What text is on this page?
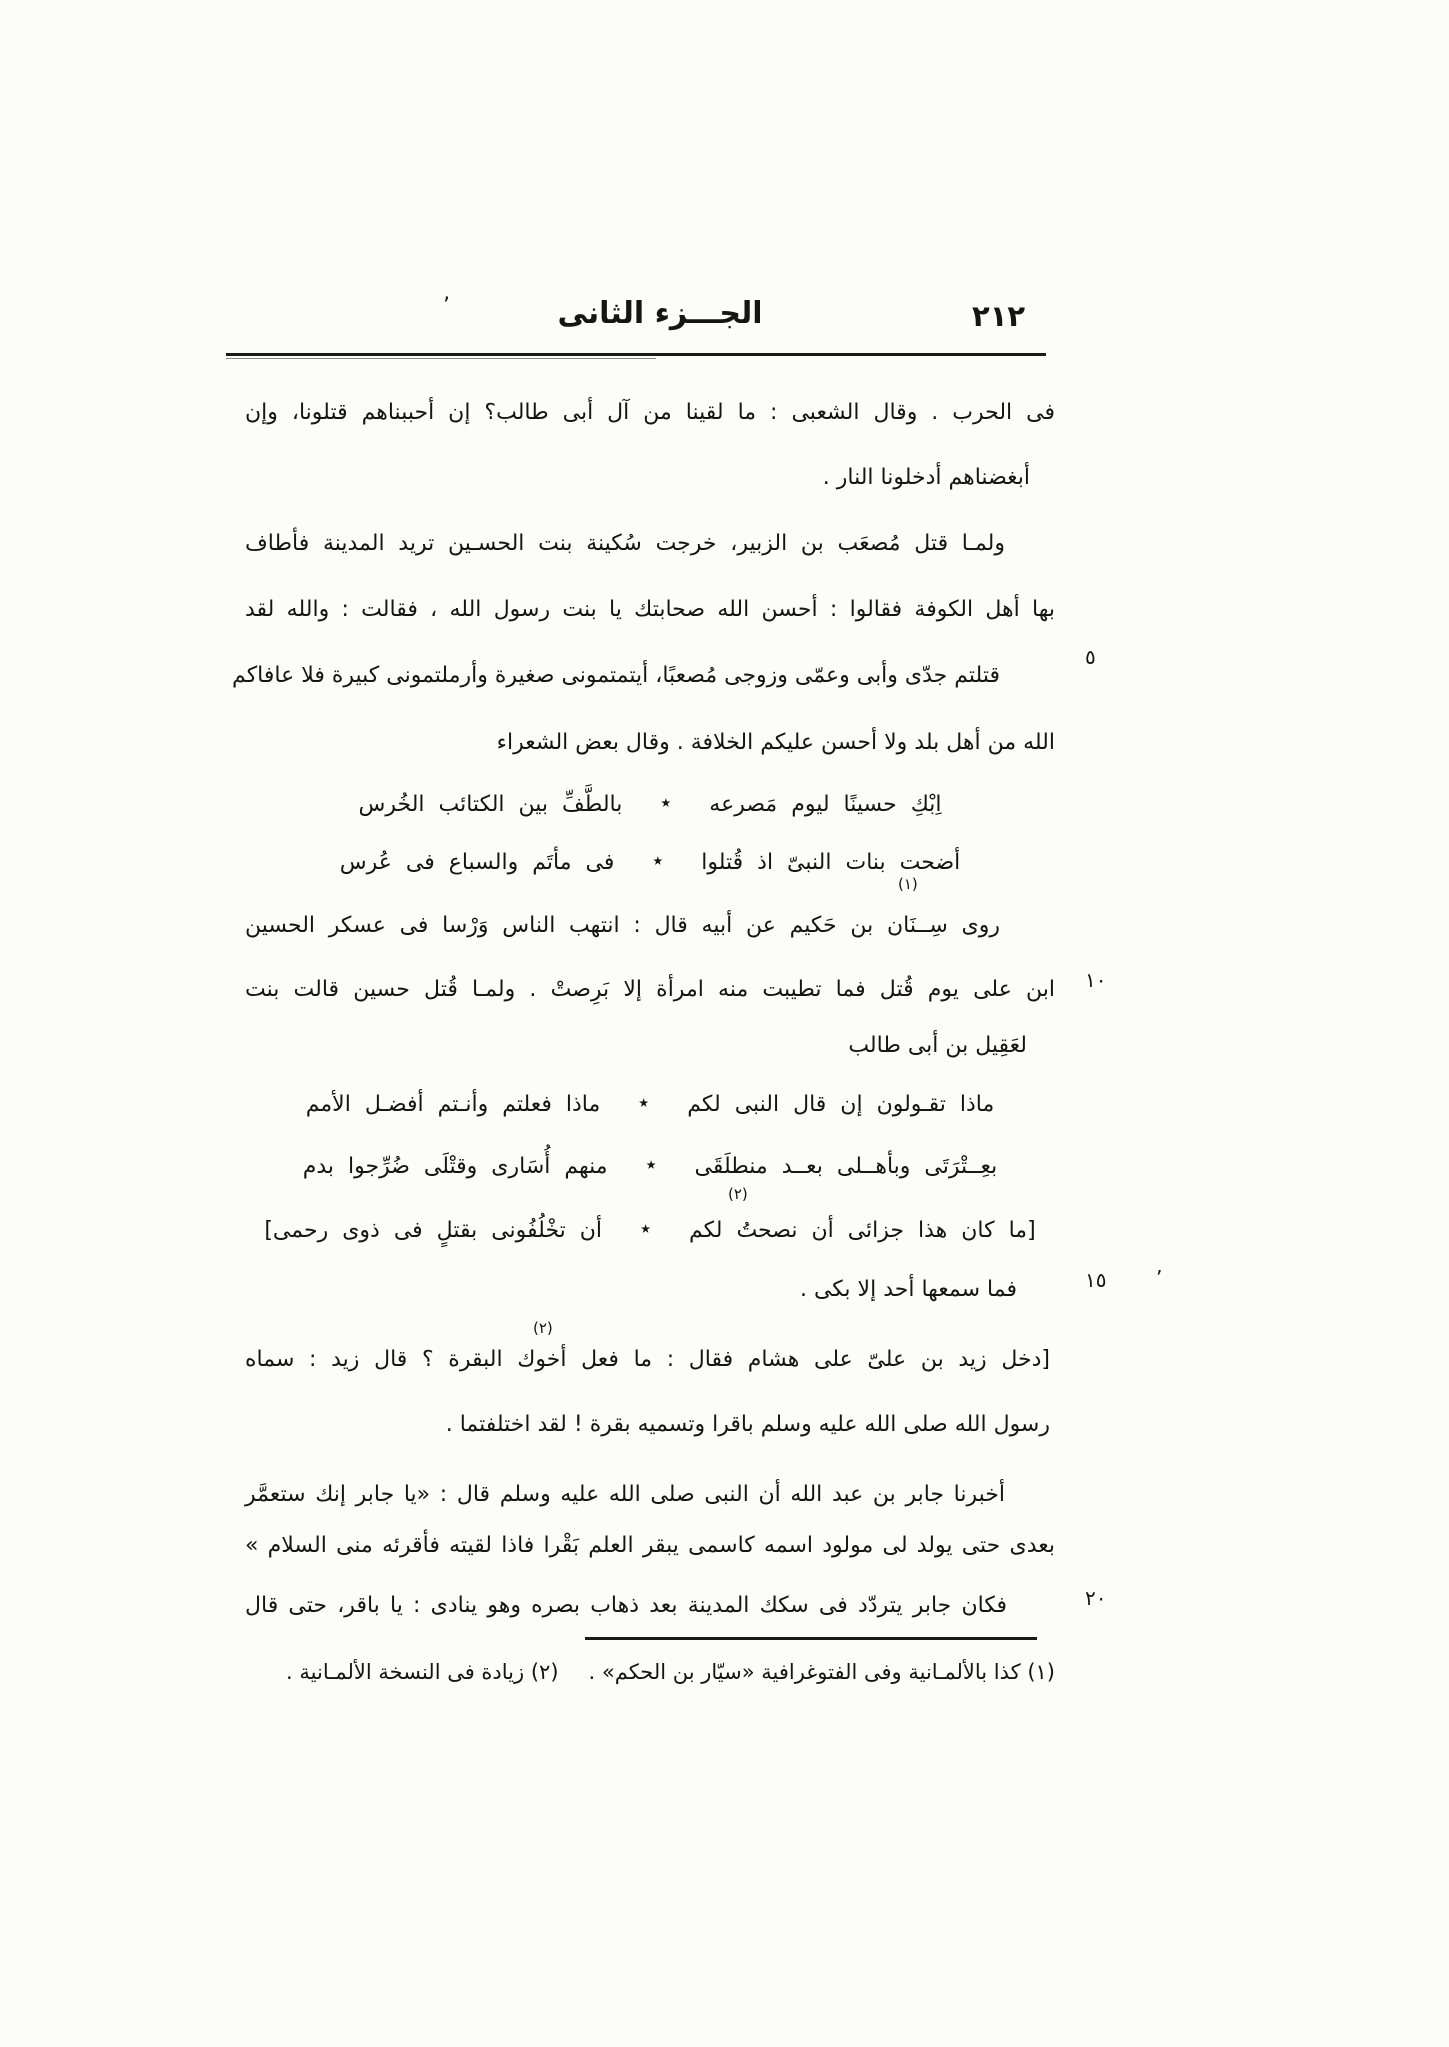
الجـــزء الثانى	٢١٢
’
فى الحرب . وقال الشعبى : ما لقينا من آل أبى طالب؟ إن أحببناهم قتلونا، وإن
أبغضناهم أدخلونا النار .
ولمـا قتل مُصعَب بن الزبير، خرجت سُكينة بنت الحسـين تريد المدينة فأطاف
بها أهل الكوفة فقالوا : أحسن الله صحابتك يا بنت رسول الله ، فقالت : والله لقد
قتلتم جدّى وأبى وعمّى وزوجى مُصعبًا، أيتمتمونى صغيرة وأرملتمونى كبيرة فلا عافاكم
الله من أهل بلد ولا أحسن عليكم الخلافة . وقال بعض الشعراء
اِبْكِ حسينًا ليوم مَصرعه
٭
بالطَّفِّ بين الكتائب الخُرس
أضحت بنات النبىّ اذ قُتلوا
٭
فى مأتَم والسباع فى عُرس
روى سِــنَان بن حَكيم عن أبيه قال : انتهب الناس وَرْسا فى عسكر الحسين
ابن على يوم قُتل فما تطيبت منه امرأة إلا بَرِصتْ . ولمـا قُتل حسين قالت بنت
لعَقِيل بن أبى طالب
ماذا تقـولون إن قال النبى لكم
٭
ماذا فعلتم وأنـتم أفضـل الأمم
بعِــتْرَتَى وبأهــلى بعــد منطلَقَى
٭
منهم أُسَارى وقتْلَى ضُرِّجوا بدم
[ما كان هذا جزائى أن نصحتُ لكم
٭
أن تخْلُفُونى بقتلٍ فى ذوى رحمى]
فما سمعها أحد إلا بكى .
[دخل زيد بن علىّ على هشام فقال : ما فعل أخوك البقرة ؟ قال زيد : سماه
رسول الله صلى الله عليه وسلم باقرا وتسميه بقرة ! لقد اختلفتما .
أخبرنا جابر بن عبد الله أن النبى صلى الله عليه وسلم قال : «يا جابر إنك ستعمَّر
بعدى حتى يولد لى مولود اسمه كاسمى يبقر العلم بَقْرا فاذا لقيته فأقرئه منى السلام »
فكان جابر يتردّد فى سكك المدينة بعد ذهاب بصره وهو ينادى : يا باقر، حتى قال
٥
١٠
١٥
٢٠
(١)
(٢)
(٢)
’
(١) كذا بالألمـانية وفى الفتوغرافية «سيّار بن الحكم» .
(٢) زيادة فى النسخة الألمـانية .
